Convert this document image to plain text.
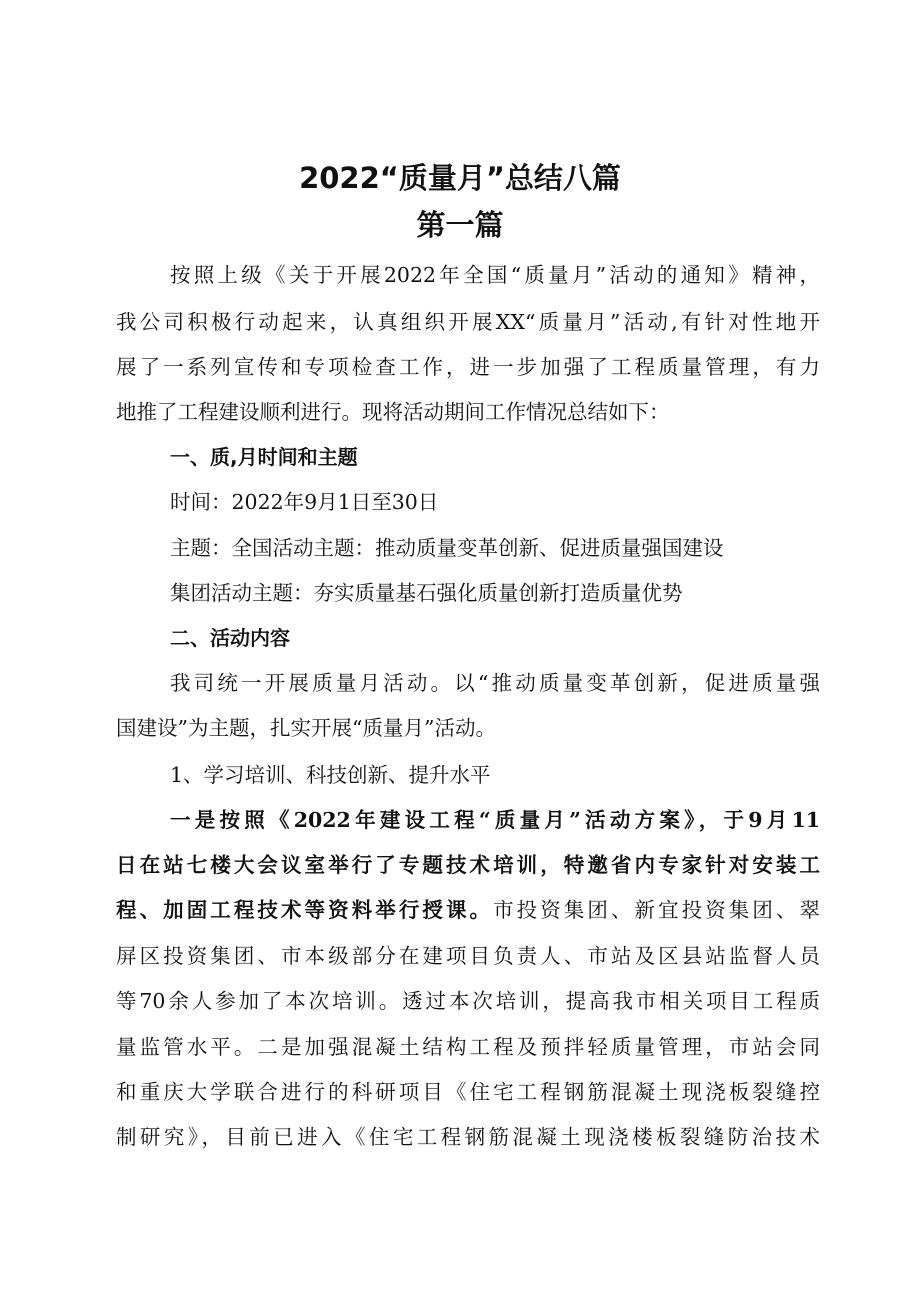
2022“质量月”总结八篇
第一篇
按照上级《关于开展2022年全国“质量月”活动的通知》精神，
我公司积极行动起来，认真组织开展XX“质量月”活动,有针对性地开
展了一系列宣传和专项检查工作，进一步加强了工程质量管理，有力
地推了工程建设顺利进行。现将活动期间工作情况总结如下：
一、质,月时间和主题
时间：2022年9月1日至30日
主题：全国活动主题：推动质量变革创新、促进质量强国建设
集团活动主题：夯实质量基石强化质量创新打造质量优势
二、活动内容
我司统一开展质量月活动。以“推动质量变革创新，促进质量强
国建设”为主题，扎实开展“质量月”活动。
1、学习培训、科技创新、提升水平
一是按照《2022年建设工程“质量月”活动方案》，于9月11
日在站七楼大会议室举行了专题技术培训，特邀省内专家针对安装工
程、加固工程技术等资料举行授课。市投资集团、新宜投资集团、翠
屏区投资集团、市本级部分在建项目负责人、市站及区县站监督人员
等70余人参加了本次培训。透过本次培训，提高我市相关项目工程质
量监管水平。二是加强混凝土结构工程及预拌轻质量管理，市站会同
和重庆大学联合进行的科研项目《住宅工程钢筋混凝土现浇板裂缝控
制研究》，目前已进入《住宅工程钢筋混凝土现浇楼板裂缝防治技术
